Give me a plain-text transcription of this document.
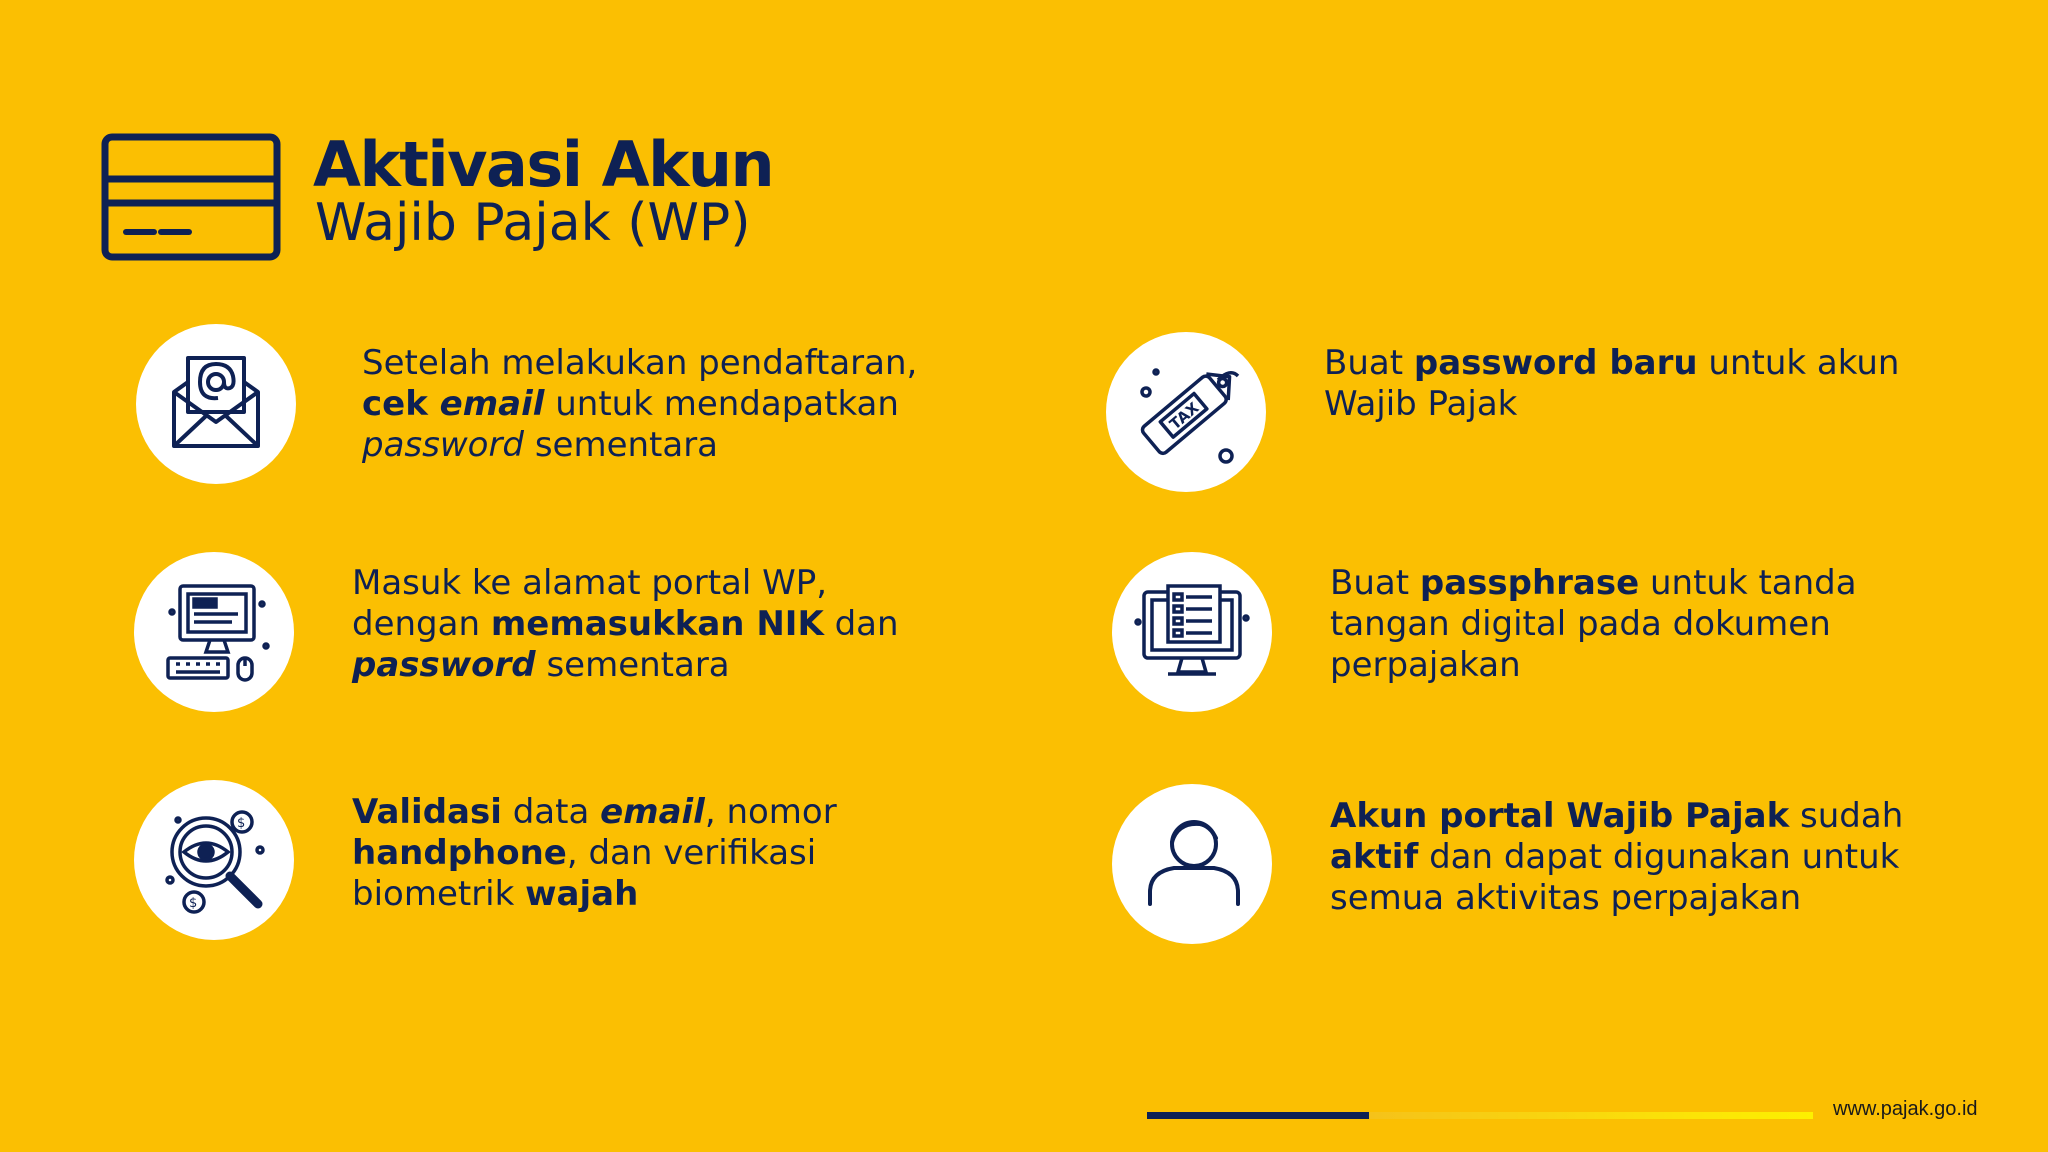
Aktivasi Akun
Wajib Pajak (WP)

Setelah melakukan pendaftaran,
cek email untuk mendapatkan
password sementara

Masuk ke alamat portal WP,
dengan memasukkan NIK dan
password sementara

$
$

Validasi data email, nomor
handphone, dan verifikasi
biometrik wajah

TAX

Buat password baru untuk akun
Wajib Pajak

Buat passphrase untuk tanda
tangan digital pada dokumen
perpajakan

Akun portal Wajib Pajak sudah
aktif dan dapat digunakan untuk
semua aktivitas perpajakan

www.pajak.go.id
